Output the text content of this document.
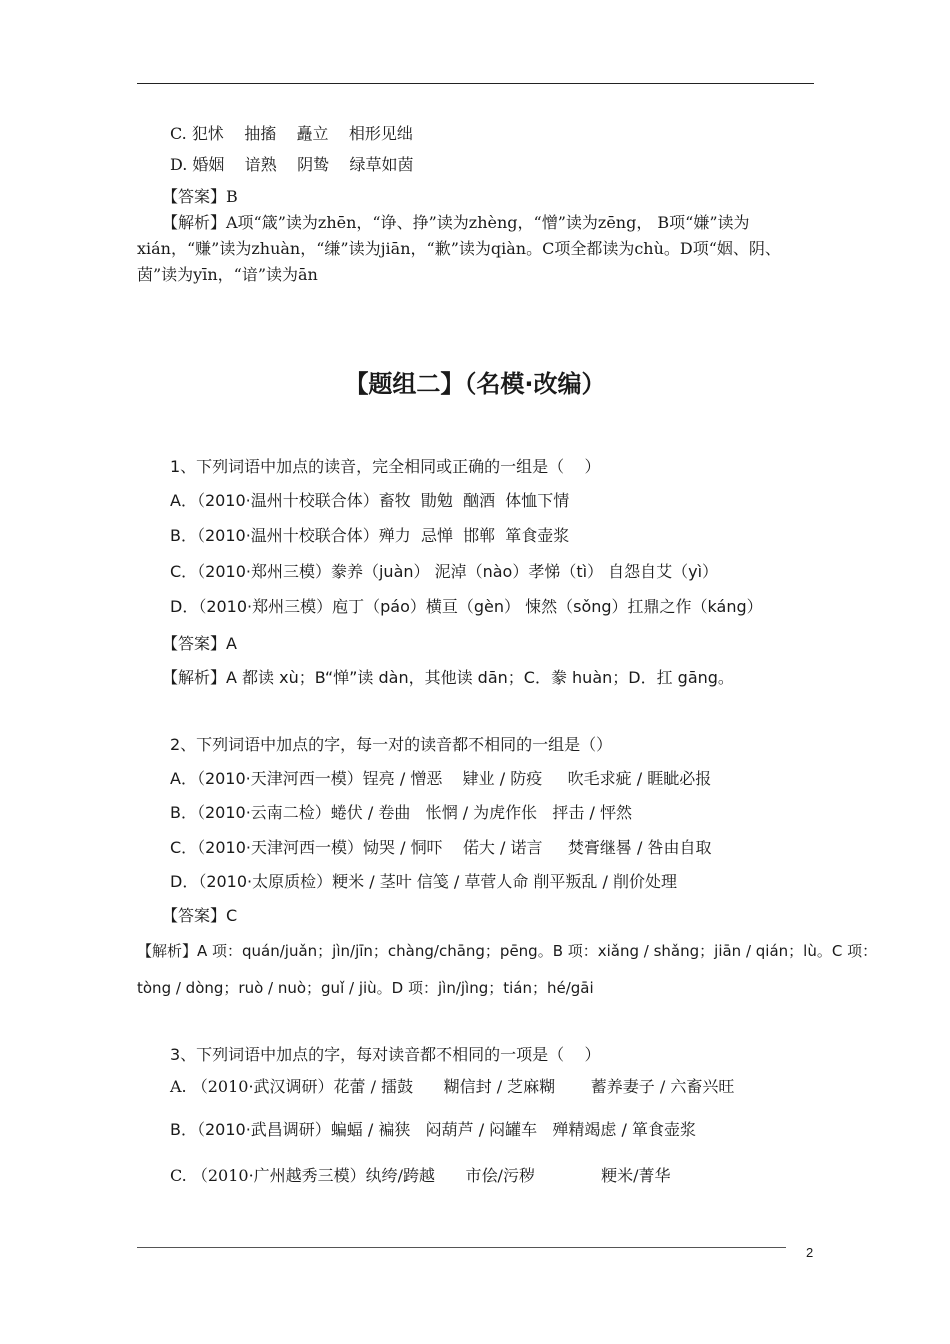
C. 犯怵    抽搐    矗立    相形见绌
D. 婚姻    谙熟    阴鸷    绿草如茵
【答案】B
【解析】A项“箴”读为zhēn，“诤、挣”读为zhèng，“憎”读为zēng， B项“嫌”读为
xián，“赚”读为zhuàn，“缣”读为jiān，“歉”读为qiàn。C项全都读为chù。D项“姻、阴、
茵”读为yīn，“谙”读为ān
【题组二】（名模·改编）
1、下列词语中加点的读音，完全相同或正确的一组是（    ）
A．（2010·温州十校联合体）畜牧  勖勉  酗酒  体恤下情
B．（2010·温州十校联合体）殚力  忌惮  邯郸  箪食壶浆
C．（2010·郑州三模）豢养（juàn） 泥淖（nào）孝悌（tì） 自怨自艾（yì）
D．（2010·郑州三模）庖丁（páo）横亘（gèn） 悚然（sǒng）扛鼎之作（káng）
【答案】A
【解析】A 都读 xù；B“惮”读 dàn，其他读 dān；C．豢 huàn；D．扛 gāng。
2、下列词语中加点的字，每一对的读音都不相同的一组是（）
A．（2010·天津河西一模）锃亮 / 憎恶    肄业 / 防疫     吹毛求疵 / 睚眦必报
B．（2010·云南二检）蜷伏 / 卷曲   怅惘 / 为虎作伥   抨击 / 怦然
C．（2010·天津河西一模）恸哭 / 恫吓    偌大 / 诺言     焚膏继晷 / 咎由自取
D．（2010·太原质检）粳米 / 茎叶 信笺 / 草菅人命 削平叛乱 / 削价处理
【答案】C
【解析】A 项：quán/juǎn；jìn/jīn；chàng/chāng；pēng。B 项：xiǎng / shǎng；jiān / qián；lù。C 项：
tòng / dòng；ruò / nuò；guǐ / jiù。D 项：jìn/jìng；tián；hé/gāi
3、下列词语中加点的字，每对读音都不相同的一项是（    ）
A. （2010·武汉调研）花蕾 / 擂鼓      糊信封 / 芝麻糊       蓄养妻子 / 六畜兴旺
B．（2010·武昌调研）蝙蝠 / 褊狭   闷葫芦 / 闷罐车   殚精竭虑 / 箪食壶浆
C. （2010·广州越秀三模）纨绔/跨越      市侩/污秽             粳米/菁华
2
